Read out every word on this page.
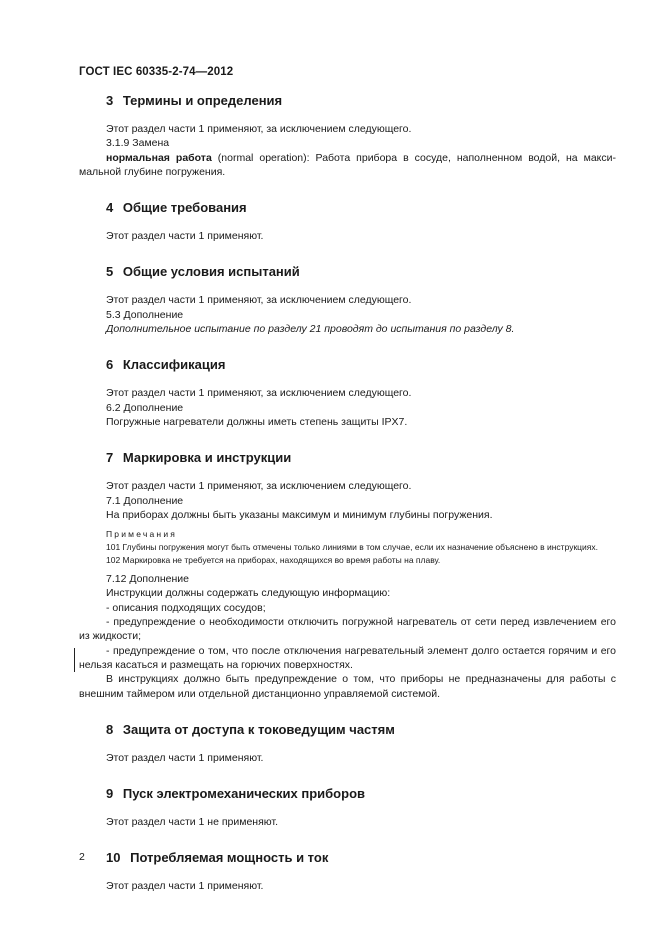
ГОСТ IEC 60335-2-74—2012
3 Термины и определения
Этот раздел части 1 применяют, за исключением следующего.
3.1.9 Замена
нормальная работа (normal operation): Работа прибора в сосуде, наполненном водой, на макси-мальной глубине погружения.
4 Общие требования
Этот раздел части 1 применяют.
5 Общие условия испытаний
Этот раздел части 1 применяют, за исключением следующего.
5.3 Дополнение
Дополнительное испытание по разделу 21 проводят до испытания по разделу 8.
6 Классификация
Этот раздел части 1 применяют, за исключением следующего.
6.2 Дополнение
Погружные нагреватели должны иметь степень защиты IPX7.
7 Маркировка и инструкции
Этот раздел части 1 применяют, за исключением следующего.
7.1 Дополнение
На приборах должны быть указаны максимум и минимум глубины погружения.
Примечания
101 Глубины погружения могут быть отмечены только линиями в том случае, если их назначение объяснено в инструкциях.
102 Маркировка не требуется на приборах, находящихся во время работы на плаву.
7.12 Дополнение
Инструкции должны содержать следующую информацию:
- описания подходящих сосудов;
- предупреждение о необходимости отключить погружной нагреватель от сети перед извлечением его из жидкости;
- предупреждение о том, что после отключения нагревательный элемент долго остается горячим и его нельзя касаться и размещать на горючих поверхностях.
В инструкциях должно быть предупреждение о том, что приборы не предназначены для работы с внешним таймером или отдельной дистанционно управляемой системой.
8 Защита от доступа к токоведущим частям
Этот раздел части 1 применяют.
9 Пуск электромеханических приборов
Этот раздел части 1 не применяют.
10 Потребляемая мощность и ток
Этот раздел части 1 применяют.
2
